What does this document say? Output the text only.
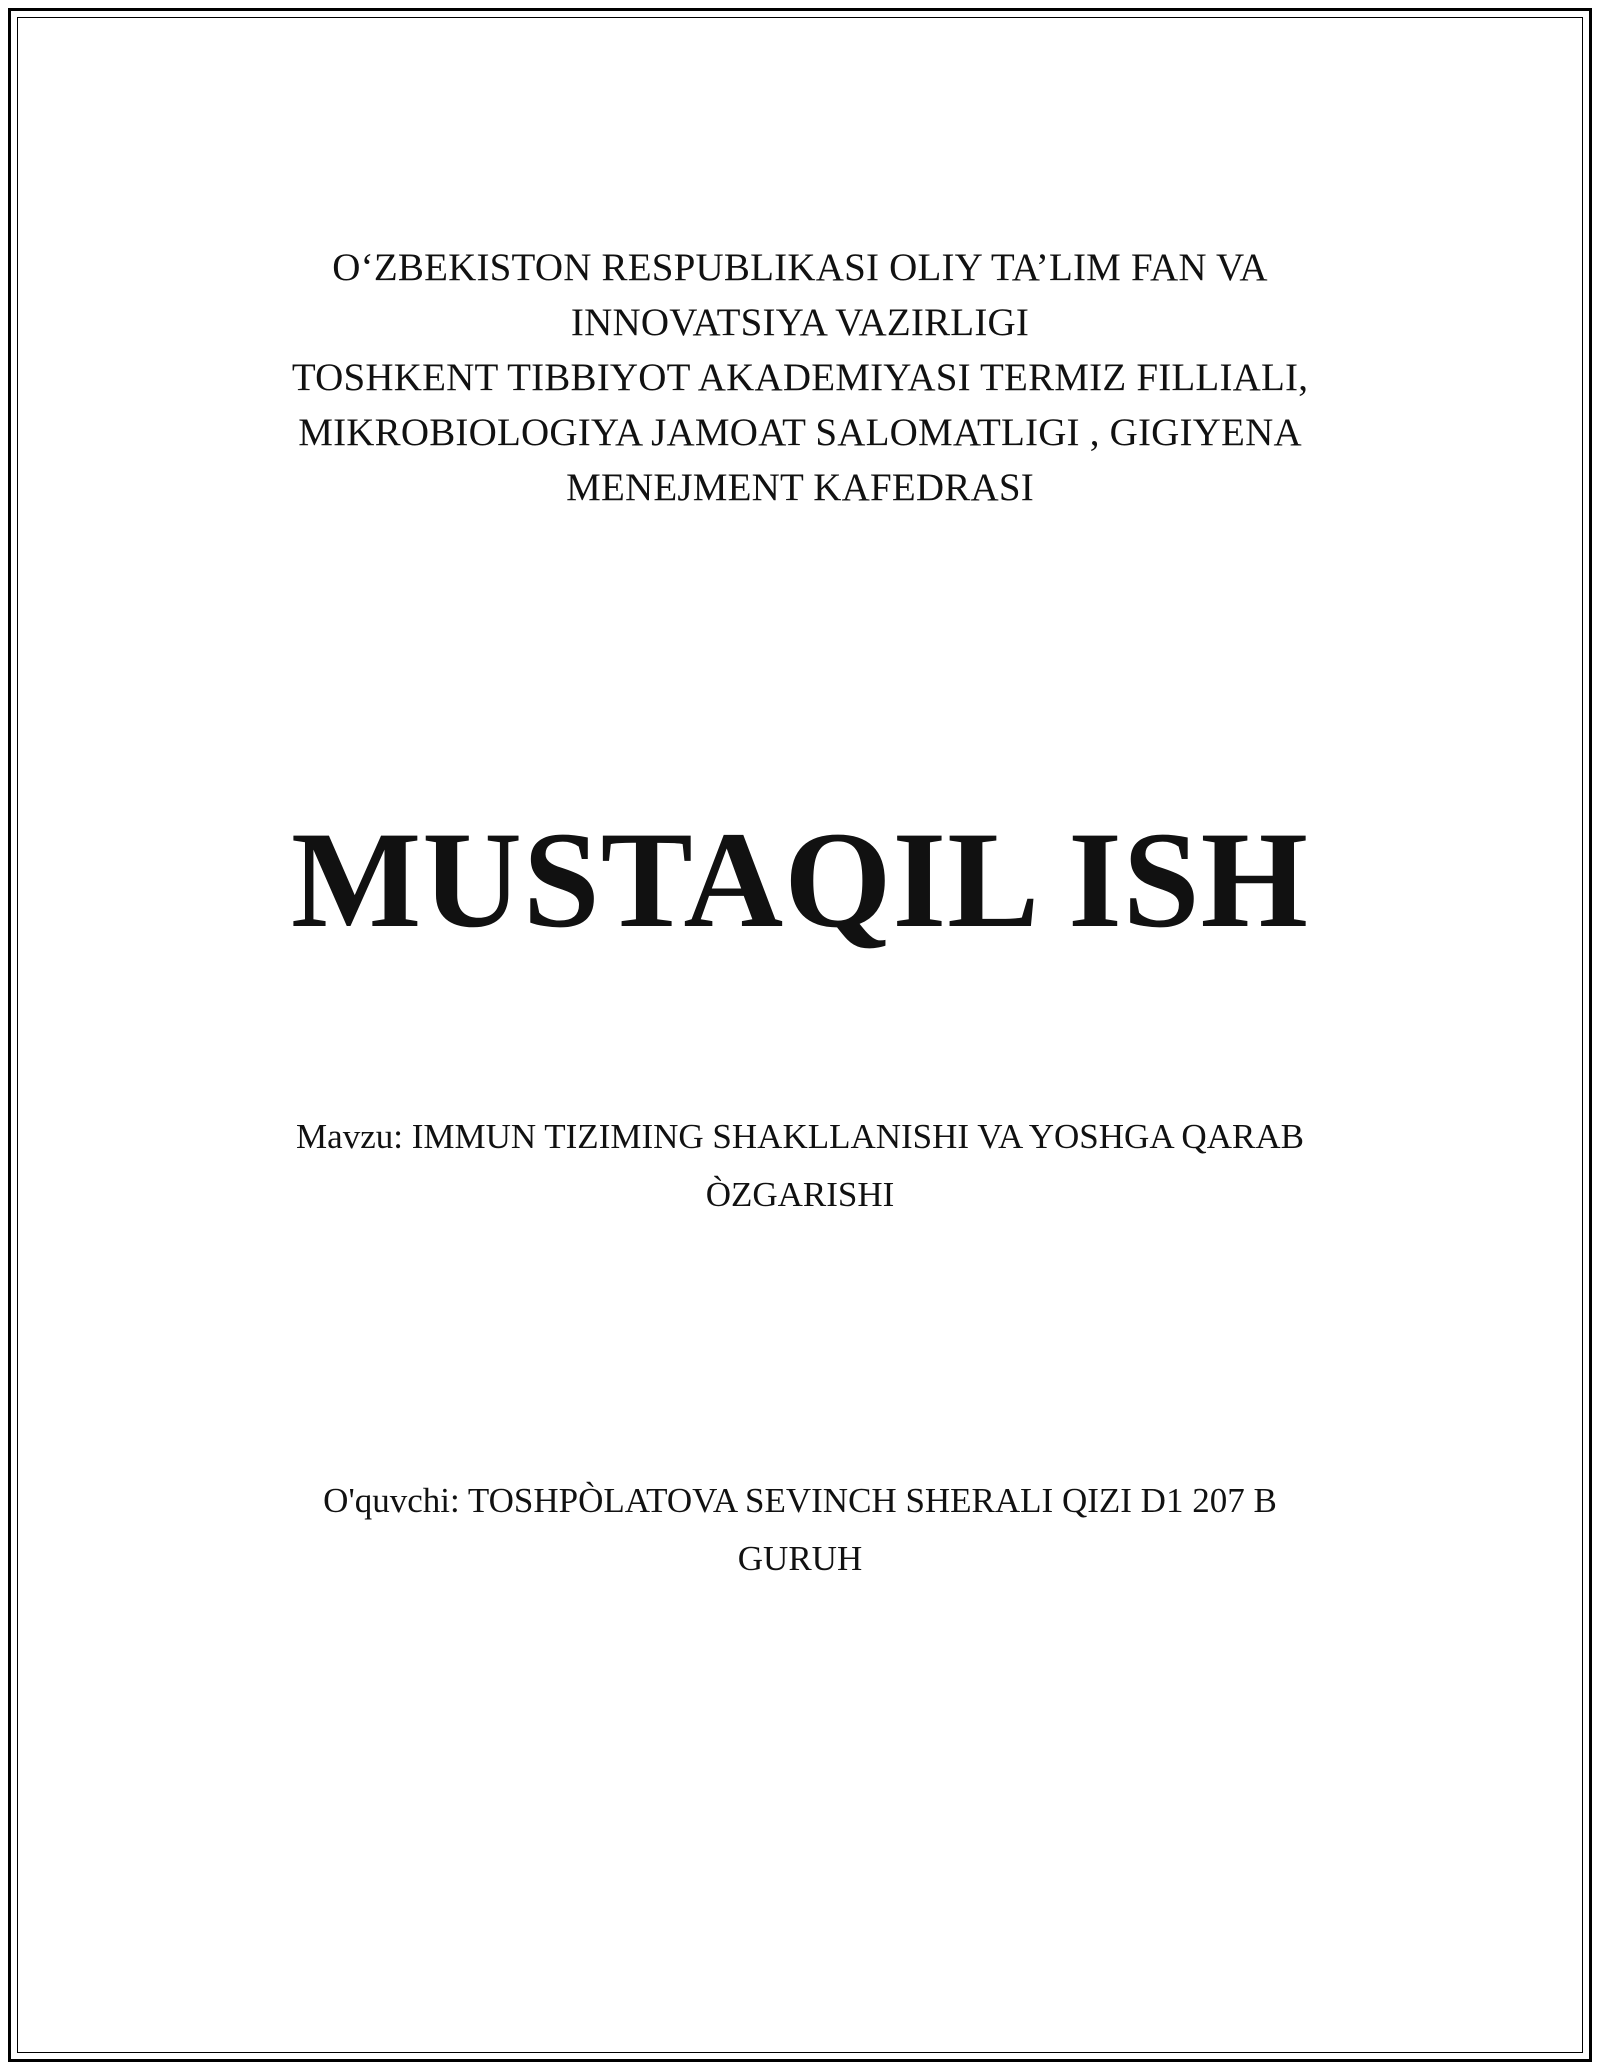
O‘ZBEKISTON RESPUBLIKASI OLIY TA’LIM FAN VA
INNOVATSIYA VAZIRLIGI
TOSHKENT TIBBIYOT AKADEMIYASI TERMIZ FILLIALI,
MIKROBIOLOGIYA JAMOAT SALOMATLIGI , GIGIYENA
MENEJMENT KAFEDRASI
MUSTAQIL ISH
Mavzu: IMMUN TIZIMING SHAKLLANISHI VA YOSHGA QARAB
ÒZGARISHI
O'quvchi: TOSHPÒLATOVA SEVINCH SHERALI QIZI D1 207 B
GURUH
